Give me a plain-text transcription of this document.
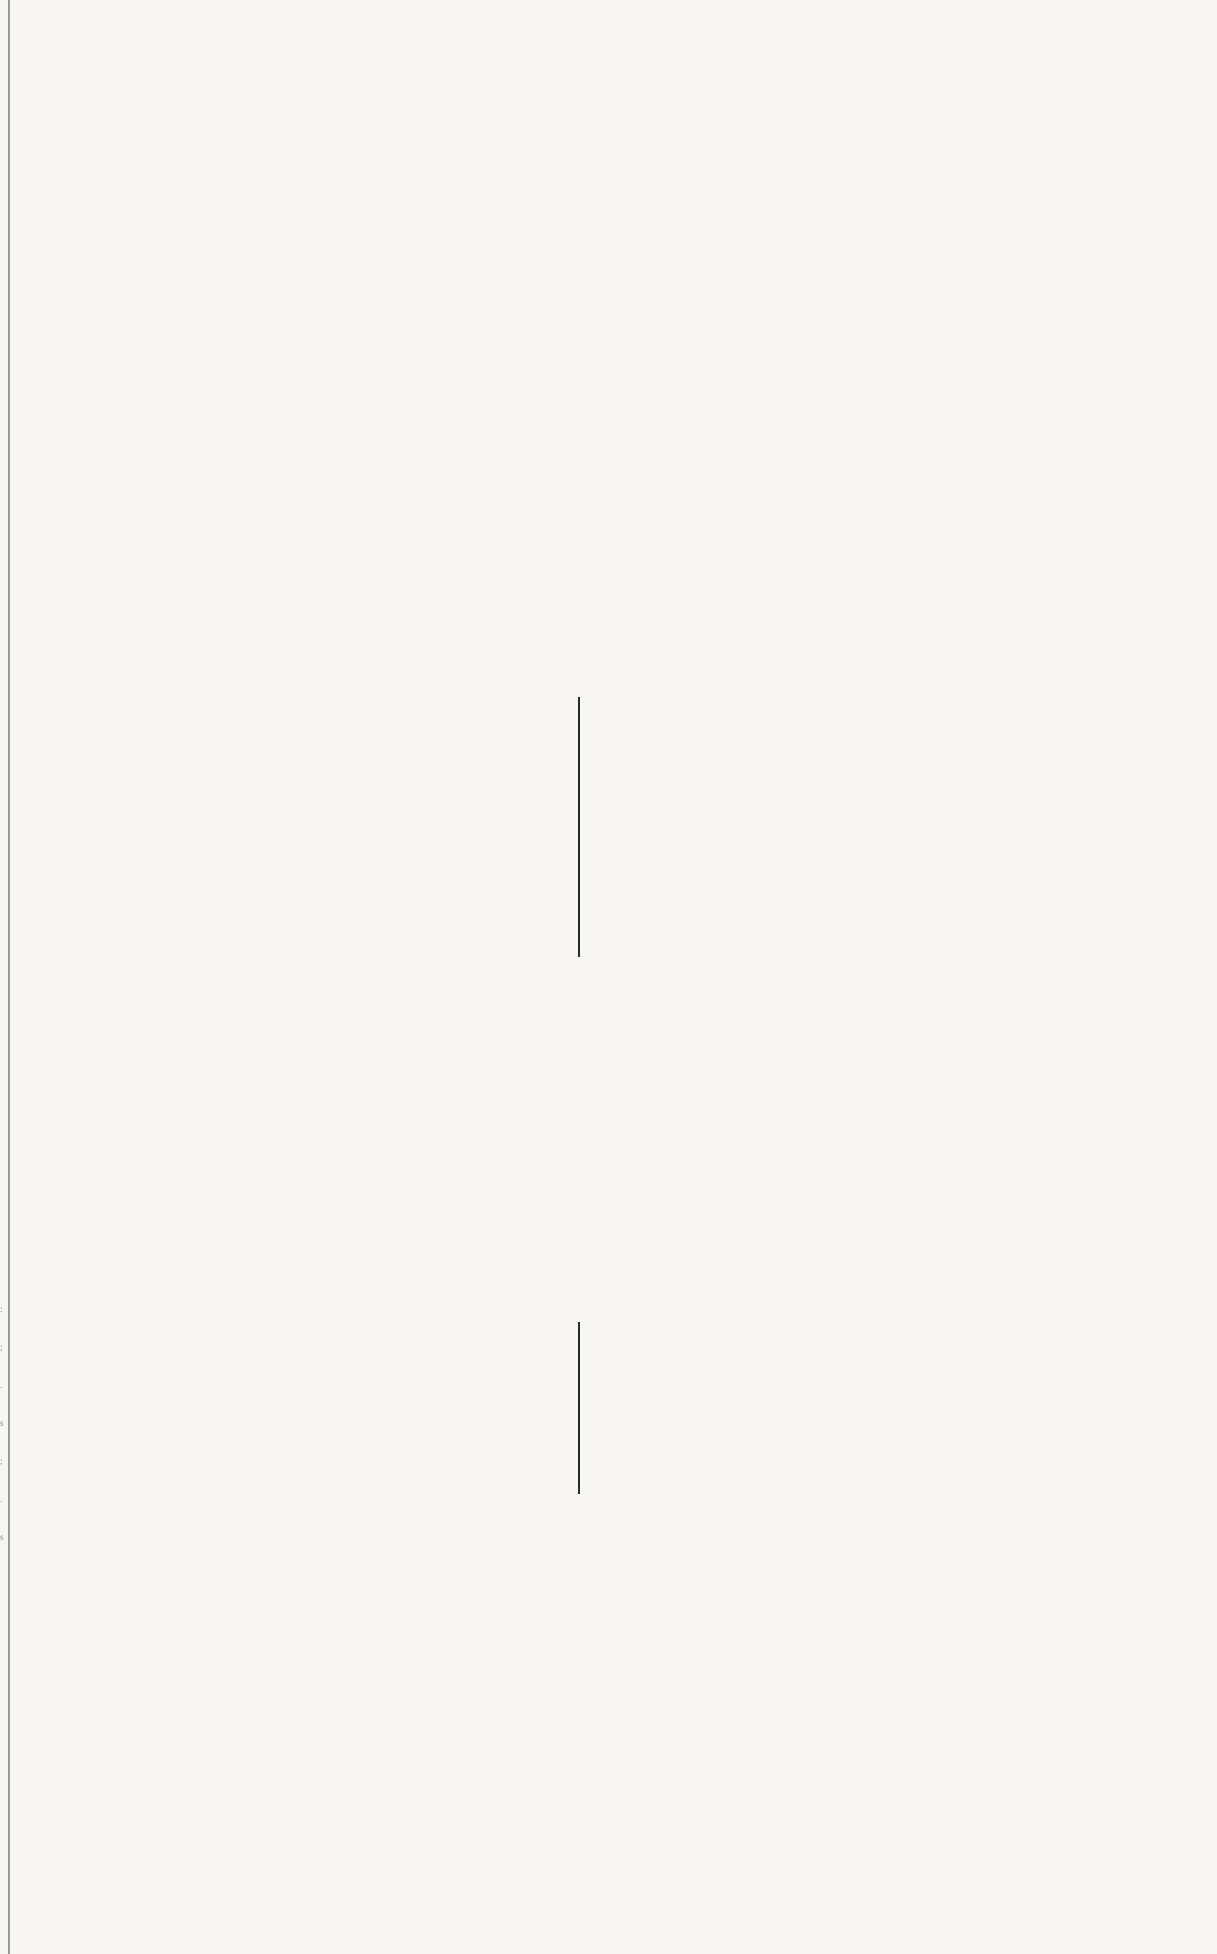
:
;
.
s
;
.
s
